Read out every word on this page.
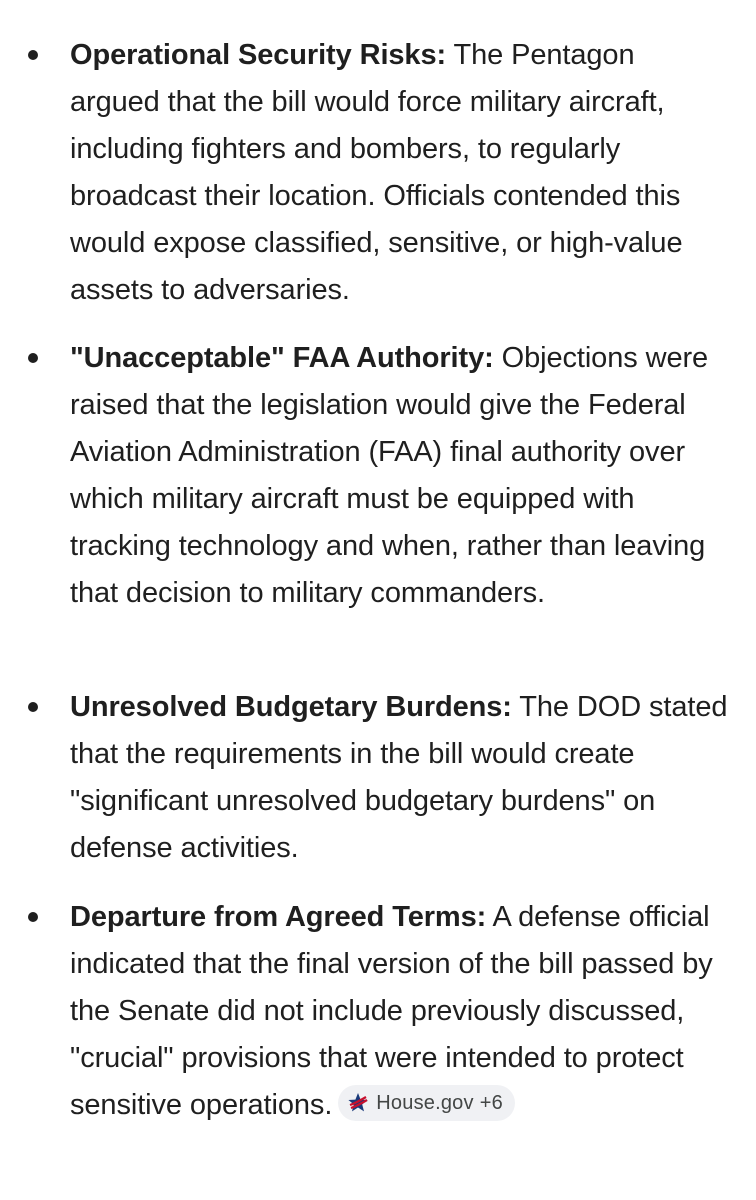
Operational Security Risks: The Pentagon argued that the bill would force military aircraft, including fighters and bombers, to regularly broadcast their location. Officials contended this would expose classified, sensitive, or high-value assets to adversaries.
"Unacceptable" FAA Authority: Objections were raised that the legislation would give the Federal Aviation Administration (FAA) final authority over which military aircraft must be equipped with tracking technology and when, rather than leaving that decision to military commanders.
Unresolved Budgetary Burdens: The DOD stated that the requirements in the bill would create "significant unresolved budgetary burdens" on defense activities.
Departure from Agreed Terms: A defense official indicated that the final version of the bill passed by the Senate did not include previously discussed, "crucial" provisions that were intended to protect sensitive operations. House.gov +6
